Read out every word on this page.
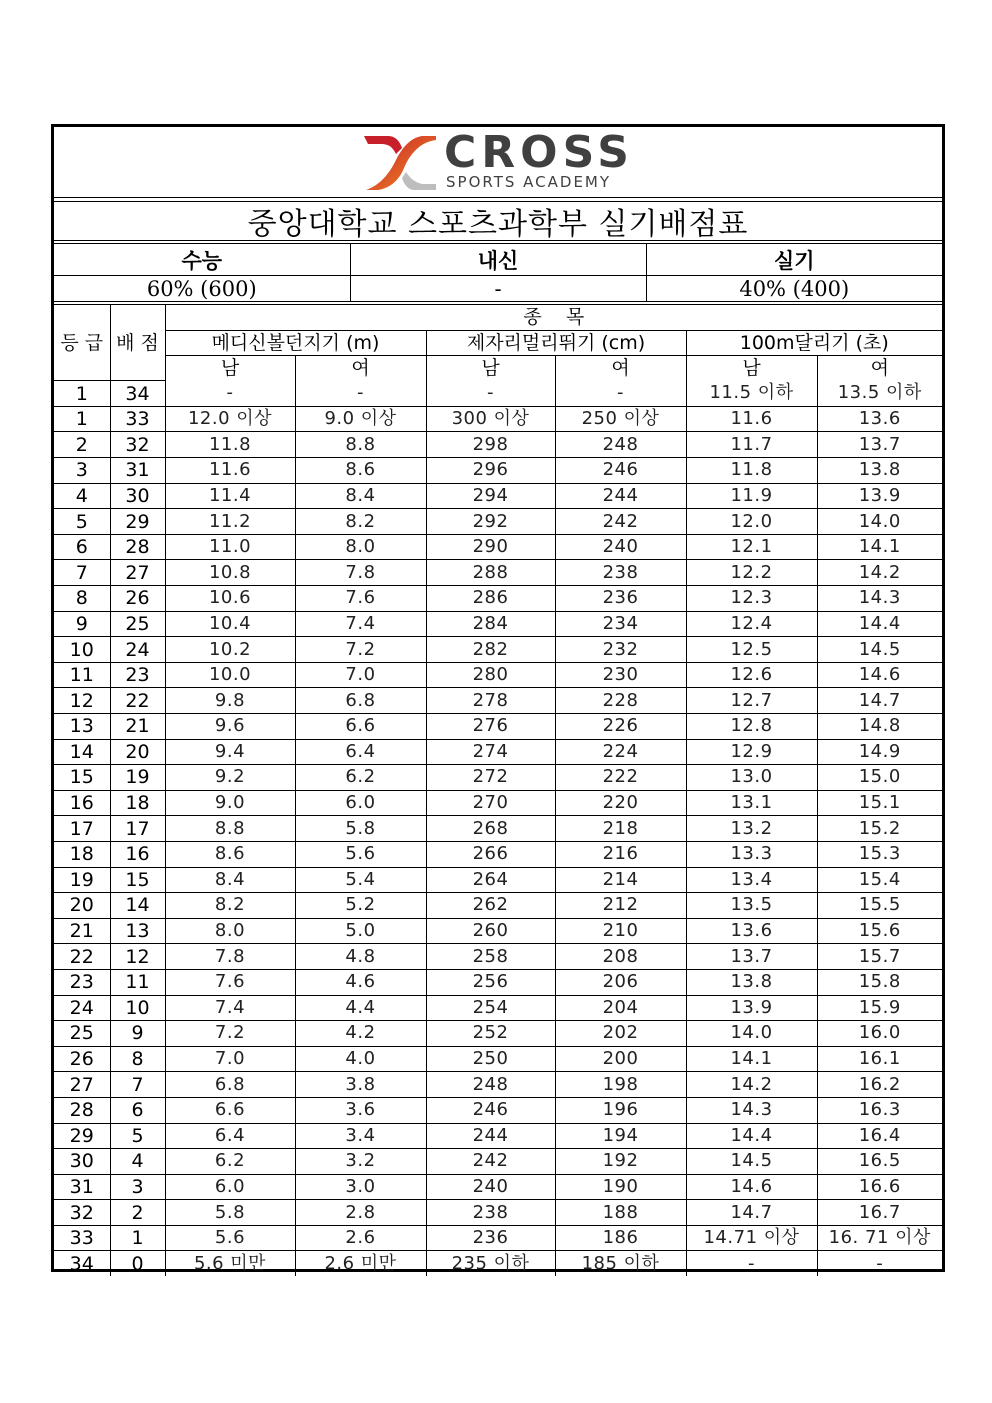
CROSS
SPORTS ACADEMY
중앙대학교 스포츠과학부 실기배점표
수능	내신	실기
60% (600)	-	40% (400)
등 급	배 점	종    목					
		메디신볼던지기 (m)		제자리멀리뛰기 (cm)		100m달리기 (초)	
		남	여	남	여	남	여
1	34	-	-	-	-	11.5 이하	13.5 이하
1	33	12.0 이상	9.0 이상	300 이상	250 이상	11.6	13.6
2	32	11.8	8.8	298	248	11.7	13.7
3	31	11.6	8.6	296	246	11.8	13.8
4	30	11.4	8.4	294	244	11.9	13.9
5	29	11.2	8.2	292	242	12.0	14.0
6	28	11.0	8.0	290	240	12.1	14.1
7	27	10.8	7.8	288	238	12.2	14.2
8	26	10.6	7.6	286	236	12.3	14.3
9	25	10.4	7.4	284	234	12.4	14.4
10	24	10.2	7.2	282	232	12.5	14.5
11	23	10.0	7.0	280	230	12.6	14.6
12	22	9.8	6.8	278	228	12.7	14.7
13	21	9.6	6.6	276	226	12.8	14.8
14	20	9.4	6.4	274	224	12.9	14.9
15	19	9.2	6.2	272	222	13.0	15.0
16	18	9.0	6.0	270	220	13.1	15.1
17	17	8.8	5.8	268	218	13.2	15.2
18	16	8.6	5.6	266	216	13.3	15.3
19	15	8.4	5.4	264	214	13.4	15.4
20	14	8.2	5.2	262	212	13.5	15.5
21	13	8.0	5.0	260	210	13.6	15.6
22	12	7.8	4.8	258	208	13.7	15.7
23	11	7.6	4.6	256	206	13.8	15.8
24	10	7.4	4.4	254	204	13.9	15.9
25	9	7.2	4.2	252	202	14.0	16.0
26	8	7.0	4.0	250	200	14.1	16.1
27	7	6.8	3.8	248	198	14.2	16.2
28	6	6.6	3.6	246	196	14.3	16.3
29	5	6.4	3.4	244	194	14.4	16.4
30	4	6.2	3.2	242	192	14.5	16.5
31	3	6.0	3.0	240	190	14.6	16.6
32	2	5.8	2.8	238	188	14.7	16.7
33	1	5.6	2.6	236	186	14.71 이상	16. 71 이상
34	0	5.6 미만	2.6 미만	235 이하	185 이하	-	-
